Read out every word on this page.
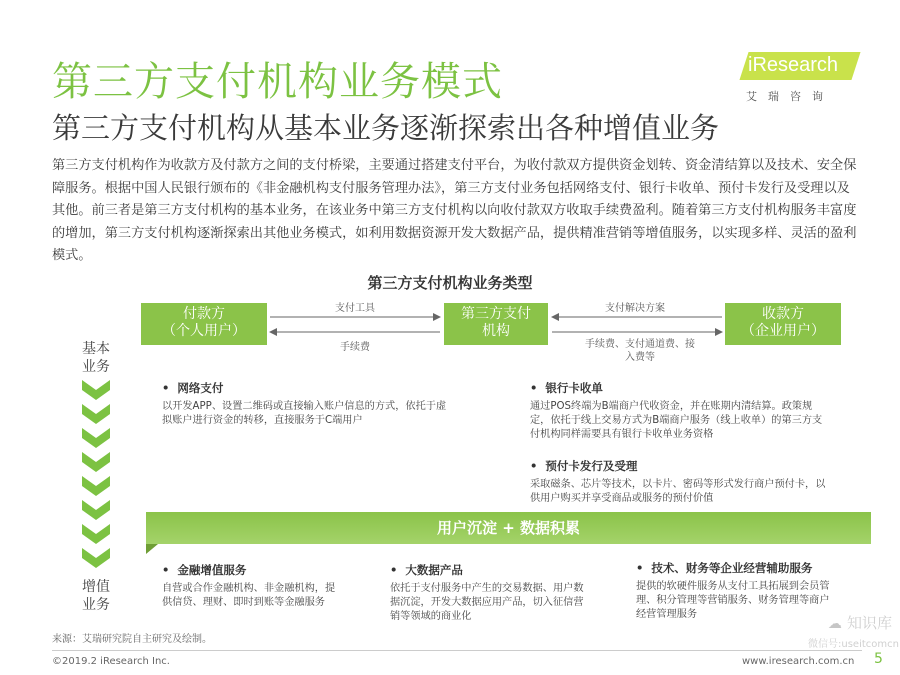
第三方支付机构业务模式
第三方支付机构从基本业务逐渐探索出各种增值业务
iResearch
艾瑞咨询
第三方支付机构作为收款方及付款方之间的支付桥梁，主要通过搭建支付平台，为收付款双方提供资金划转、资金清结算以及技术、安全保障服务。根据中国人民银行颁布的《非金融机构支付服务管理办法》，第三方支付业务包括网络支付、银行卡收单、预付卡发行及受理以及其他。前三者是第三方支付机构的基本业务，在该业务中第三方支付机构以向收付款双方收取手续费盈利。随着第三方支付机构服务丰富度的增加，第三方支付机构逐渐探索出其他业务模式，如利用数据资源开发大数据产品，提供精准营销等增值服务，以实现多样、灵活的盈利模式。
第三方支付机构业务类型
付款方
（个人用户）
第三方支付
机构
收款方
（企业用户）
支付工具
手续费
支付解决方案
手续费、支付通道费、接入费等
基本业务
增值业务
•  网络支付
以开发APP、设置二维码或直接输入账户信息的方式，依托于虚拟账户进行资金的转移，直接服务于C端用户
•  银行卡收单
通过POS终端为B端商户代收资金，并在账期内清结算。政策规定，依托于线上交易方式为B端商户服务（线上收单）的第三方支付机构同样需要具有银行卡收单业务资格
•  预付卡发行及受理
采取磁条、芯片等技术，以卡片、密码等形式发行商户预付卡，以供用户购买并享受商品或服务的预付价值
用户沉淀 + 数据积累
•  金融增值服务
自营或合作金融机构、非金融机构，提供信贷、理财、即时到账等金融服务
•  大数据产品
依托于支付服务中产生的交易数据、用户数据沉淀，开发大数据应用产品，切入征信营销等领域的商业化
•  技术、财务等企业经营辅助服务
提供的软硬件服务从支付工具拓展到会员管理、积分管理等营销服务、财务管理等商户经营管理服务
来源：艾瑞研究院自主研究及绘制。
☁ 知识库
微信号:useitcomcn
©2019.2 iResearch Inc.	www.iresearch.com.cn 5
